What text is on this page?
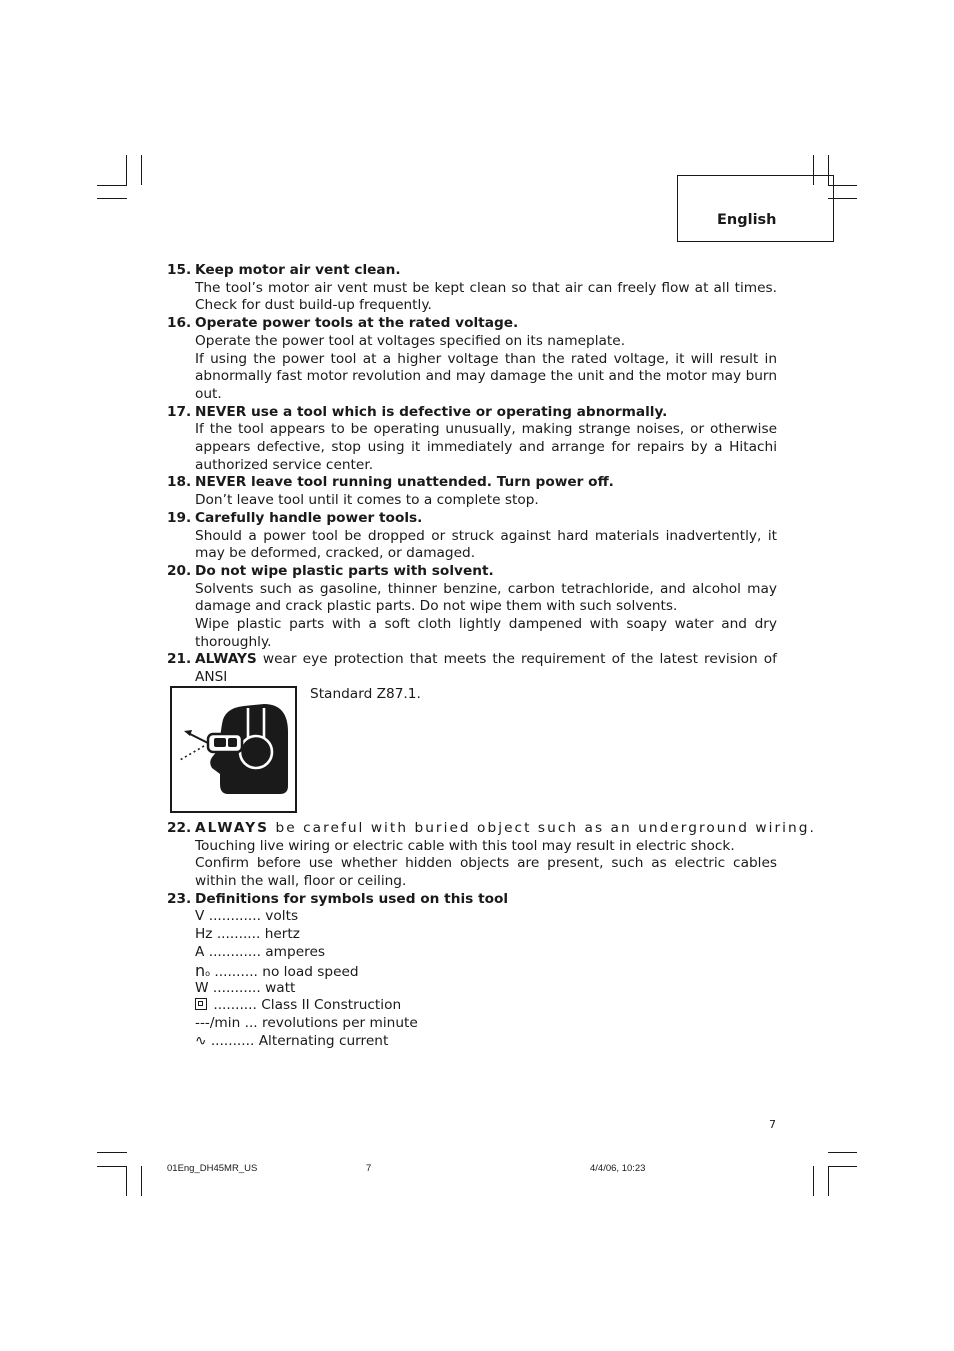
English
15. Keep motor air vent clean.
The tool’s motor air vent must be kept clean so that air can freely flow at all times. Check for dust build-up frequently.
16. Operate power tools at the rated voltage.
Operate the power tool at voltages specified on its nameplate.
If using the power tool at a higher voltage than the rated voltage, it will result in abnormally fast motor revolution and may damage the unit and the motor may burn out.
17. NEVER use a tool which is defective or operating abnormally.
If the tool appears to be operating unusually, making strange noises, or otherwise appears defective, stop using it immediately and arrange for repairs by a Hitachi authorized service center.
18. NEVER leave tool running unattended. Turn power off.
Don’t leave tool until it comes to a complete stop.
19. Carefully handle power tools.
Should a power tool be dropped or struck against hard materials inadvertently, it may be deformed, cracked, or damaged.
20. Do not wipe plastic parts with solvent.
Solvents such as gasoline, thinner benzine, carbon tetrachloride, and alcohol may damage and crack plastic parts. Do not wipe them with such solvents.
Wipe plastic parts with a soft cloth lightly dampened with soapy water and dry thoroughly.
21. ALWAYS wear eye protection that meets the requirement of the latest revision of ANSI
Standard Z87.1.
22. ALWAYS be careful with buried object such as an underground wiring.
Touching live wiring or electric cable with this tool may result in electric shock.
Confirm before use whether hidden objects are present, such as electric cables within the wall, floor or ceiling.
23. Definitions for symbols used on this tool
V ............ volts
Hz .......... hertz
A ............ amperes
no .......... no load speed
W ........... watt
.......... Class II Construction
---/min ... revolutions per minute
∿ .......... Alternating current
7
01Eng_DH45MR_US	7	4/4/06, 10:23
